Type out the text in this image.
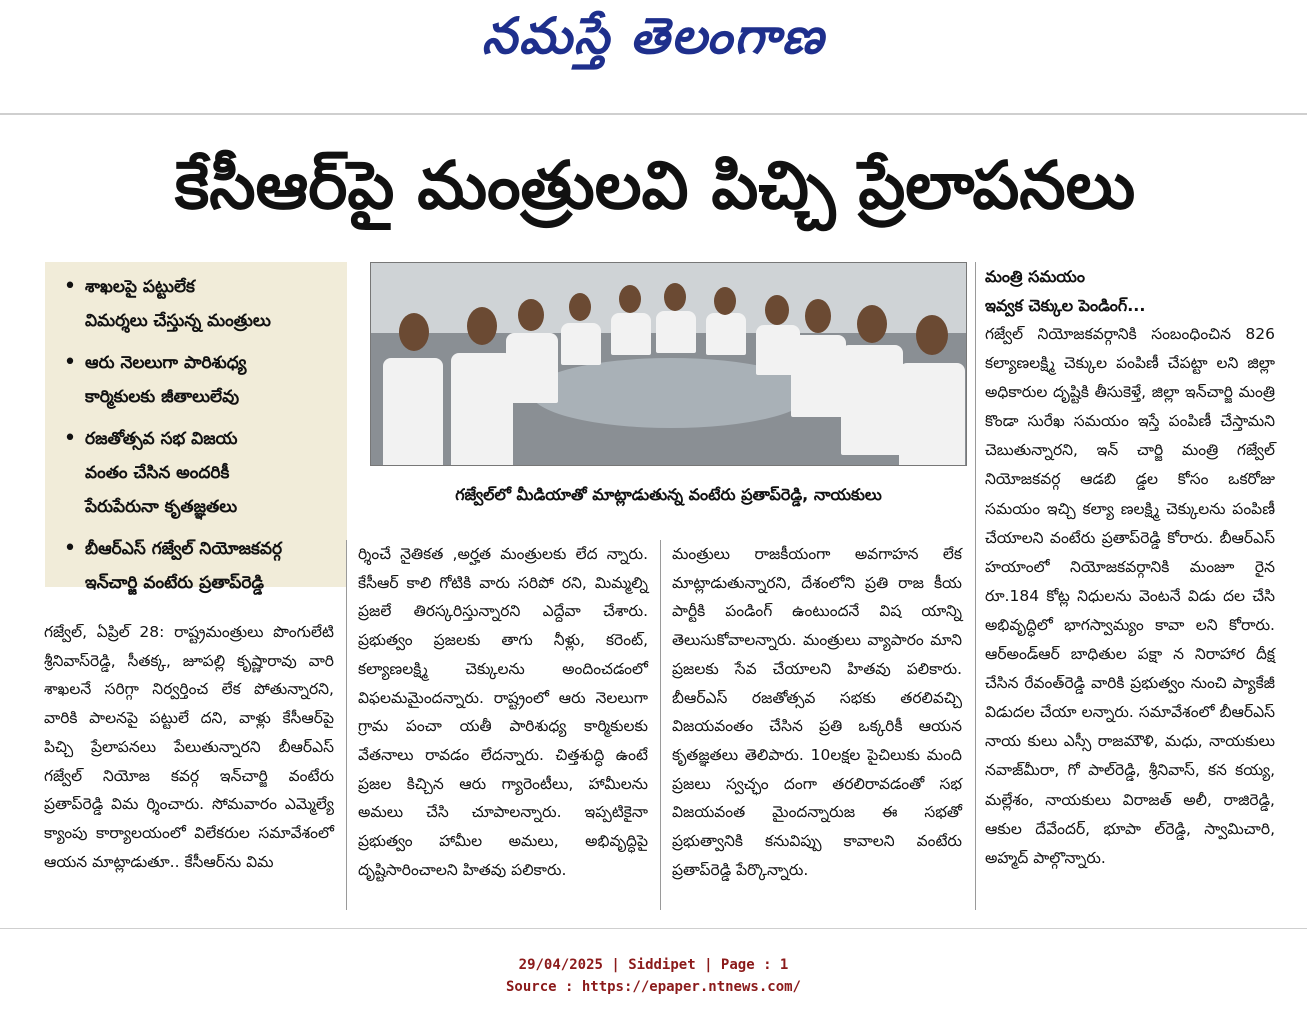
నమస్తే తెలంగాణ
కేసీఆర్‌పై మంత్రులవి పిచ్చి ప్రేలాపనలు
• శాఖలపై పట్టులేక
విమర్శలు చేస్తున్న మంత్రులు
• ఆరు నెలలుగా పారిశుధ్య
కార్మికులకు జీతాలులేవు
• రజతోత్సవ సభ విజయ
వంతం చేసిన అందరికీ
పేరుపేరునా కృతజ్ఞతలు
• బీఆర్ఎస్ గజ్వేల్ నియోజకవర్గ
ఇన్‌చార్జి వంటేరు ప్రతాప్‌రెడ్డి
గజ్వేల్‌లో మీడియాతో మాట్లాడుతున్న వంటేరు ప్రతాప్‌రెడ్డి, నాయకులు

గజ్వేల్, ఏప్రిల్ 28: రాష్ట్రమంత్రులు పొంగులేటి శ్రీనివాస్‌రెడ్డి, సీతక్క, జూపల్లి కృష్ణారావు వారి శాఖలనే సరిగ్గా నిర్వర్తించ లేక పోతున్నారని, వారికి పాలనపై పట్టులే దని, వాళ్లు కేసీఆర్‌పై పిచ్చి ప్రేలాపనలు పేలుతున్నారని బీఆర్ఎస్ గజ్వేల్ నియోజ కవర్గ ఇన్‌చార్జి వంటేరు ప్రతాప్‌రెడ్డి విమ ర్శించారు. సోమవారం ఎమ్మెల్యే క్యాంపు కార్యాలయంలో విలేకరుల సమావేశంలో ఆయన మాట్లాడుతూ.. కేసీఆర్‌ను విమ

ర్శించే నైతికత ,అర్హత మంత్రులకు లేద న్నారు. కేసీఆర్ కాలి గోటికి వారు సరిపో రని, మిమ్మల్ని ప్రజలే తిరస్కరిస్తున్నారని ఎద్దేవా చేశారు. ప్రభుత్వం ప్రజలకు తాగు నీళ్లు, కరెంట్, కల్యాణలక్ష్మి చెక్కులను అందించడంలో విఫలమమైందన్నారు. రాష్ట్రంలో ఆరు నెలలుగా గ్రామ పంచా యతీ పారిశుధ్య కార్మికులకు వేతనాలు రావడం లేదన్నారు. చిత్తశుద్ధి ఉంటే ప్రజల కిచ్చిన ఆరు గ్యారెంటీలు, హామీలను అమలు చేసి చూపాలన్నారు. ఇప్పటికైనా ప్రభుత్వం హామీల అమలు, అభివృద్ధిపై దృష్టిసారించాలని హితవు పలికారు.

మంత్రులు రాజకీయంగా అవగాహన లేక మాట్లాడుతున్నారని, దేశంలోని ప్రతి రాజ కీయ పార్టీకి పండింగ్ ఉంటుందనే విష యాన్ని తెలుసుకోవాలన్నారు. మంత్రులు వ్యాపారం మాని ప్రజలకు సేవ చేయాలని హితవు పలికారు. బీఆర్ఎస్ రజతోత్సవ సభకు తరలివచ్చి విజయవంతం చేసిన ప్రతి ఒక్కరికీ ఆయన కృతజ్ఞతలు తెలిపారు. 10లక్షల పైచిలుకు మంది ప్రజలు స్వచ్ఛం దంగా తరలిరావడంతో సభ విజయవంత మైందన్నారుజ ఈ సభతో ప్రభుత్వానికి కనువిప్పు కావాలని వంటేరు ప్రతాప్‌రెడ్డి పేర్కొన్నారు.

మంత్రి సమయం
ఇవ్వక చెక్కుల పెండింగ్...

గజ్వేల్ నియోజకవర్గానికి సంబంధించిన 826 కల్యాణలక్ష్మి చెక్కుల పంపిణీ చేపట్టా లని జిల్లా అధికారుల దృష్టికి తీసుకెళ్తే, జిల్లా ఇన్‌చార్జి మంత్రి కొండా సురేఖ సమయం ఇస్తే పంపిణీ చేస్తామని చెబుతున్నారని, ఇన్ చార్జి మంత్రి గజ్వేల్ నియోజకవర్గ ఆడబి డ్డల కోసం ఒకరోజు సమయం ఇచ్చి కల్యా ణలక్ష్మి చెక్కులను పంపిణీ చేయాలని వంటేరు ప్రతాప్‌రెడ్డి కోరారు. బీఆర్ఎస్ హయాంలో నియోజకవర్గానికి మంజూ రైన రూ.184 కోట్ల నిధులను వెంటనే విడు దల చేసి అభివృద్ధిలో భాగస్వామ్యం కావా లని కోరారు. ఆర్అండ్ఆర్ బాధితుల పక్షా న నిరాహార దీక్ష చేసిన రేవంత్‌రెడ్డి వారికి ప్రభుత్వం నుంచి ప్యాకేజీ విడుదల చేయా లన్నారు. సమావేశంలో బీఆర్ఎస్ నాయ కులు ఎస్సీ రాజమౌళి, మధు, నాయకులు నవాజ్‌మీరా, గో పాల్‌రెడ్డి, శ్రీనివాస్, కన కయ్య, మల్లేశం, నాయకులు విరాజత్ అలీ, రాజిరెడ్డి, ఆకుల దేవేందర్, భూపా ల్‌రెడ్డి, స్వామిచారి, అహ్మద్ పాల్గొన్నారు.

29/04/2025 | Siddipet | Page : 1
Source : https://epaper.ntnews.com/
